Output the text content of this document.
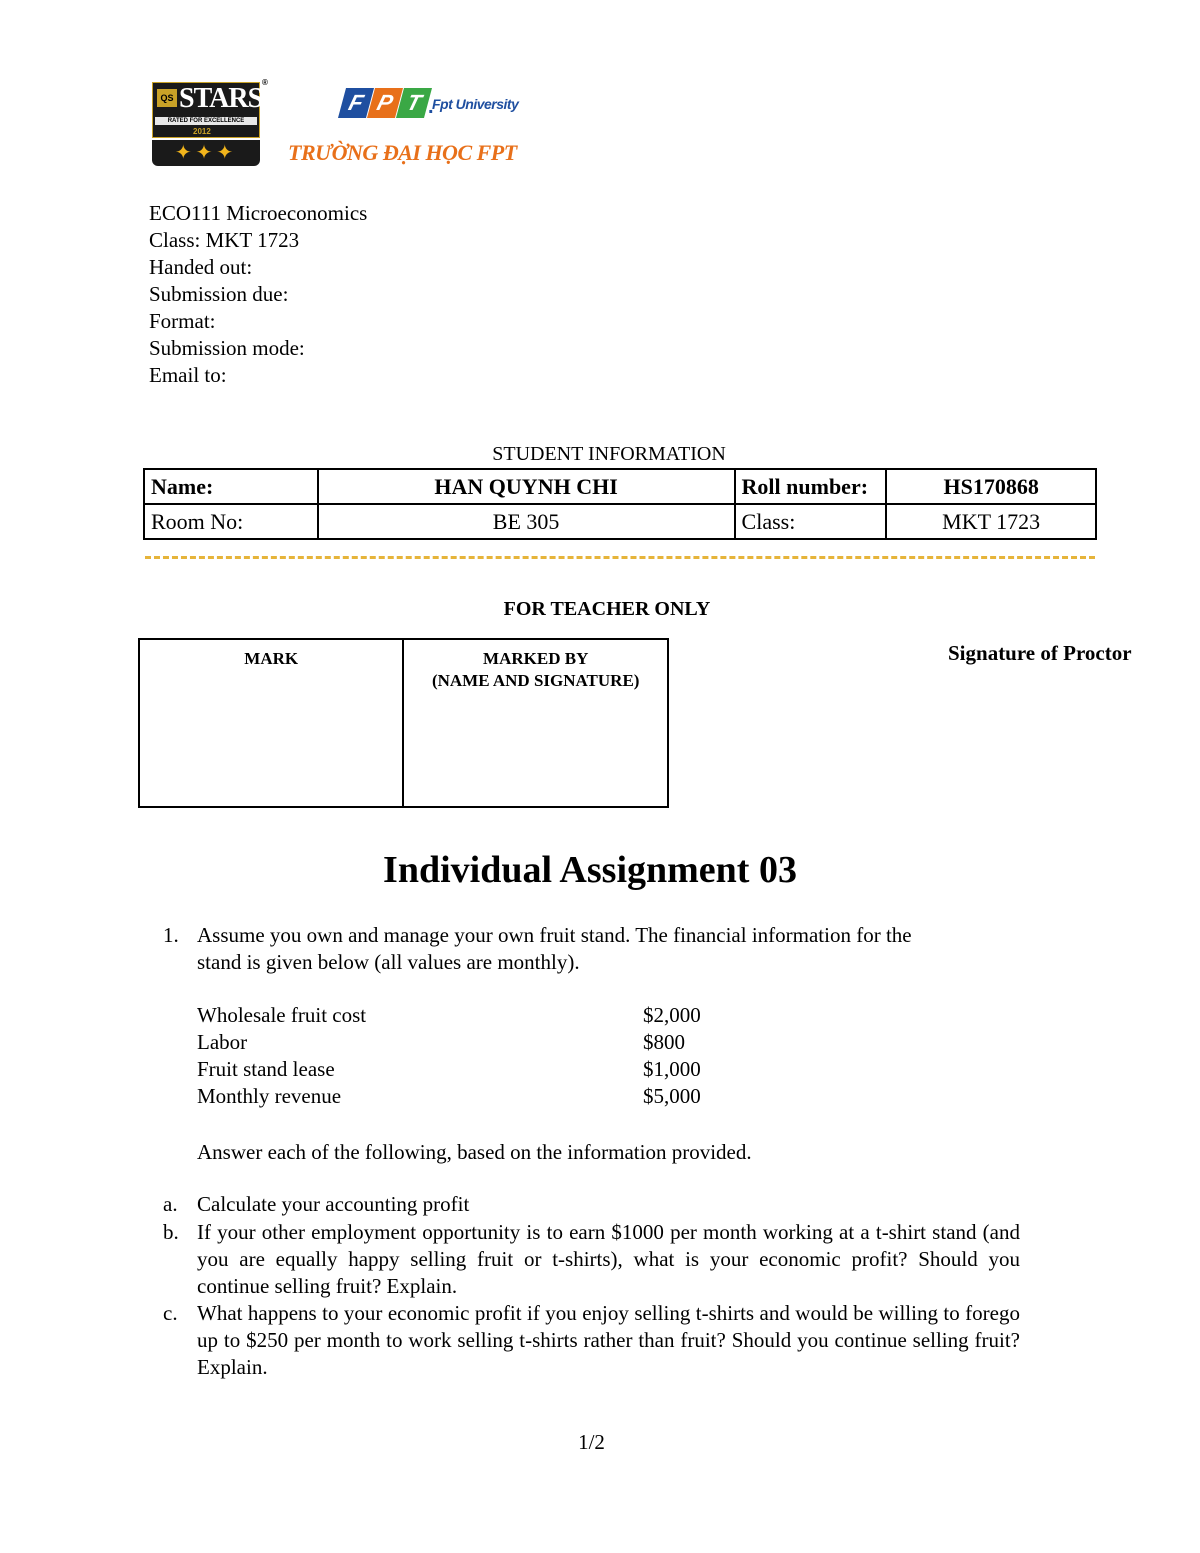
QS STARS
RATED FOR EXCELLENCE
2012
✦✦✦
®
F P T .
Fpt University
TRƯỜNG ĐẠI HỌC FPT
ECO111 Microeconomics
Class: MKT 1723
Handed out:
Submission due:
Format:
Submission mode:
Email to:
STUDENT INFORMATION
Name:	HAN QUYNH CHI	Roll number:	HS170868
Room No:	BE 305	Class:	MKT 1723
FOR TEACHER ONLY
MARK	MARKED BY
(NAME AND SIGNATURE)
Signature of Proctor
Individual Assignment 03
1. Assume you own and manage your own fruit stand. The financial information for the
stand is given below (all values are monthly).
Wholesale fruit cost	$2,000
Labor	$800
Fruit stand lease	$1,000
Monthly revenue	$5,000
Answer each of the following, based on the information provided.
a. Calculate your accounting profit
b. If your other employment opportunity is to earn $1000 per month working at a t-shirt stand (and you are equally happy selling fruit or t-shirts), what is your economic profit? Should you continue selling fruit? Explain.
c. What happens to your economic profit if you enjoy selling t-shirts and would be willing to forego up to $250 per month to work selling t-shirts rather than fruit? Should you continue selling fruit? Explain.
1/2
